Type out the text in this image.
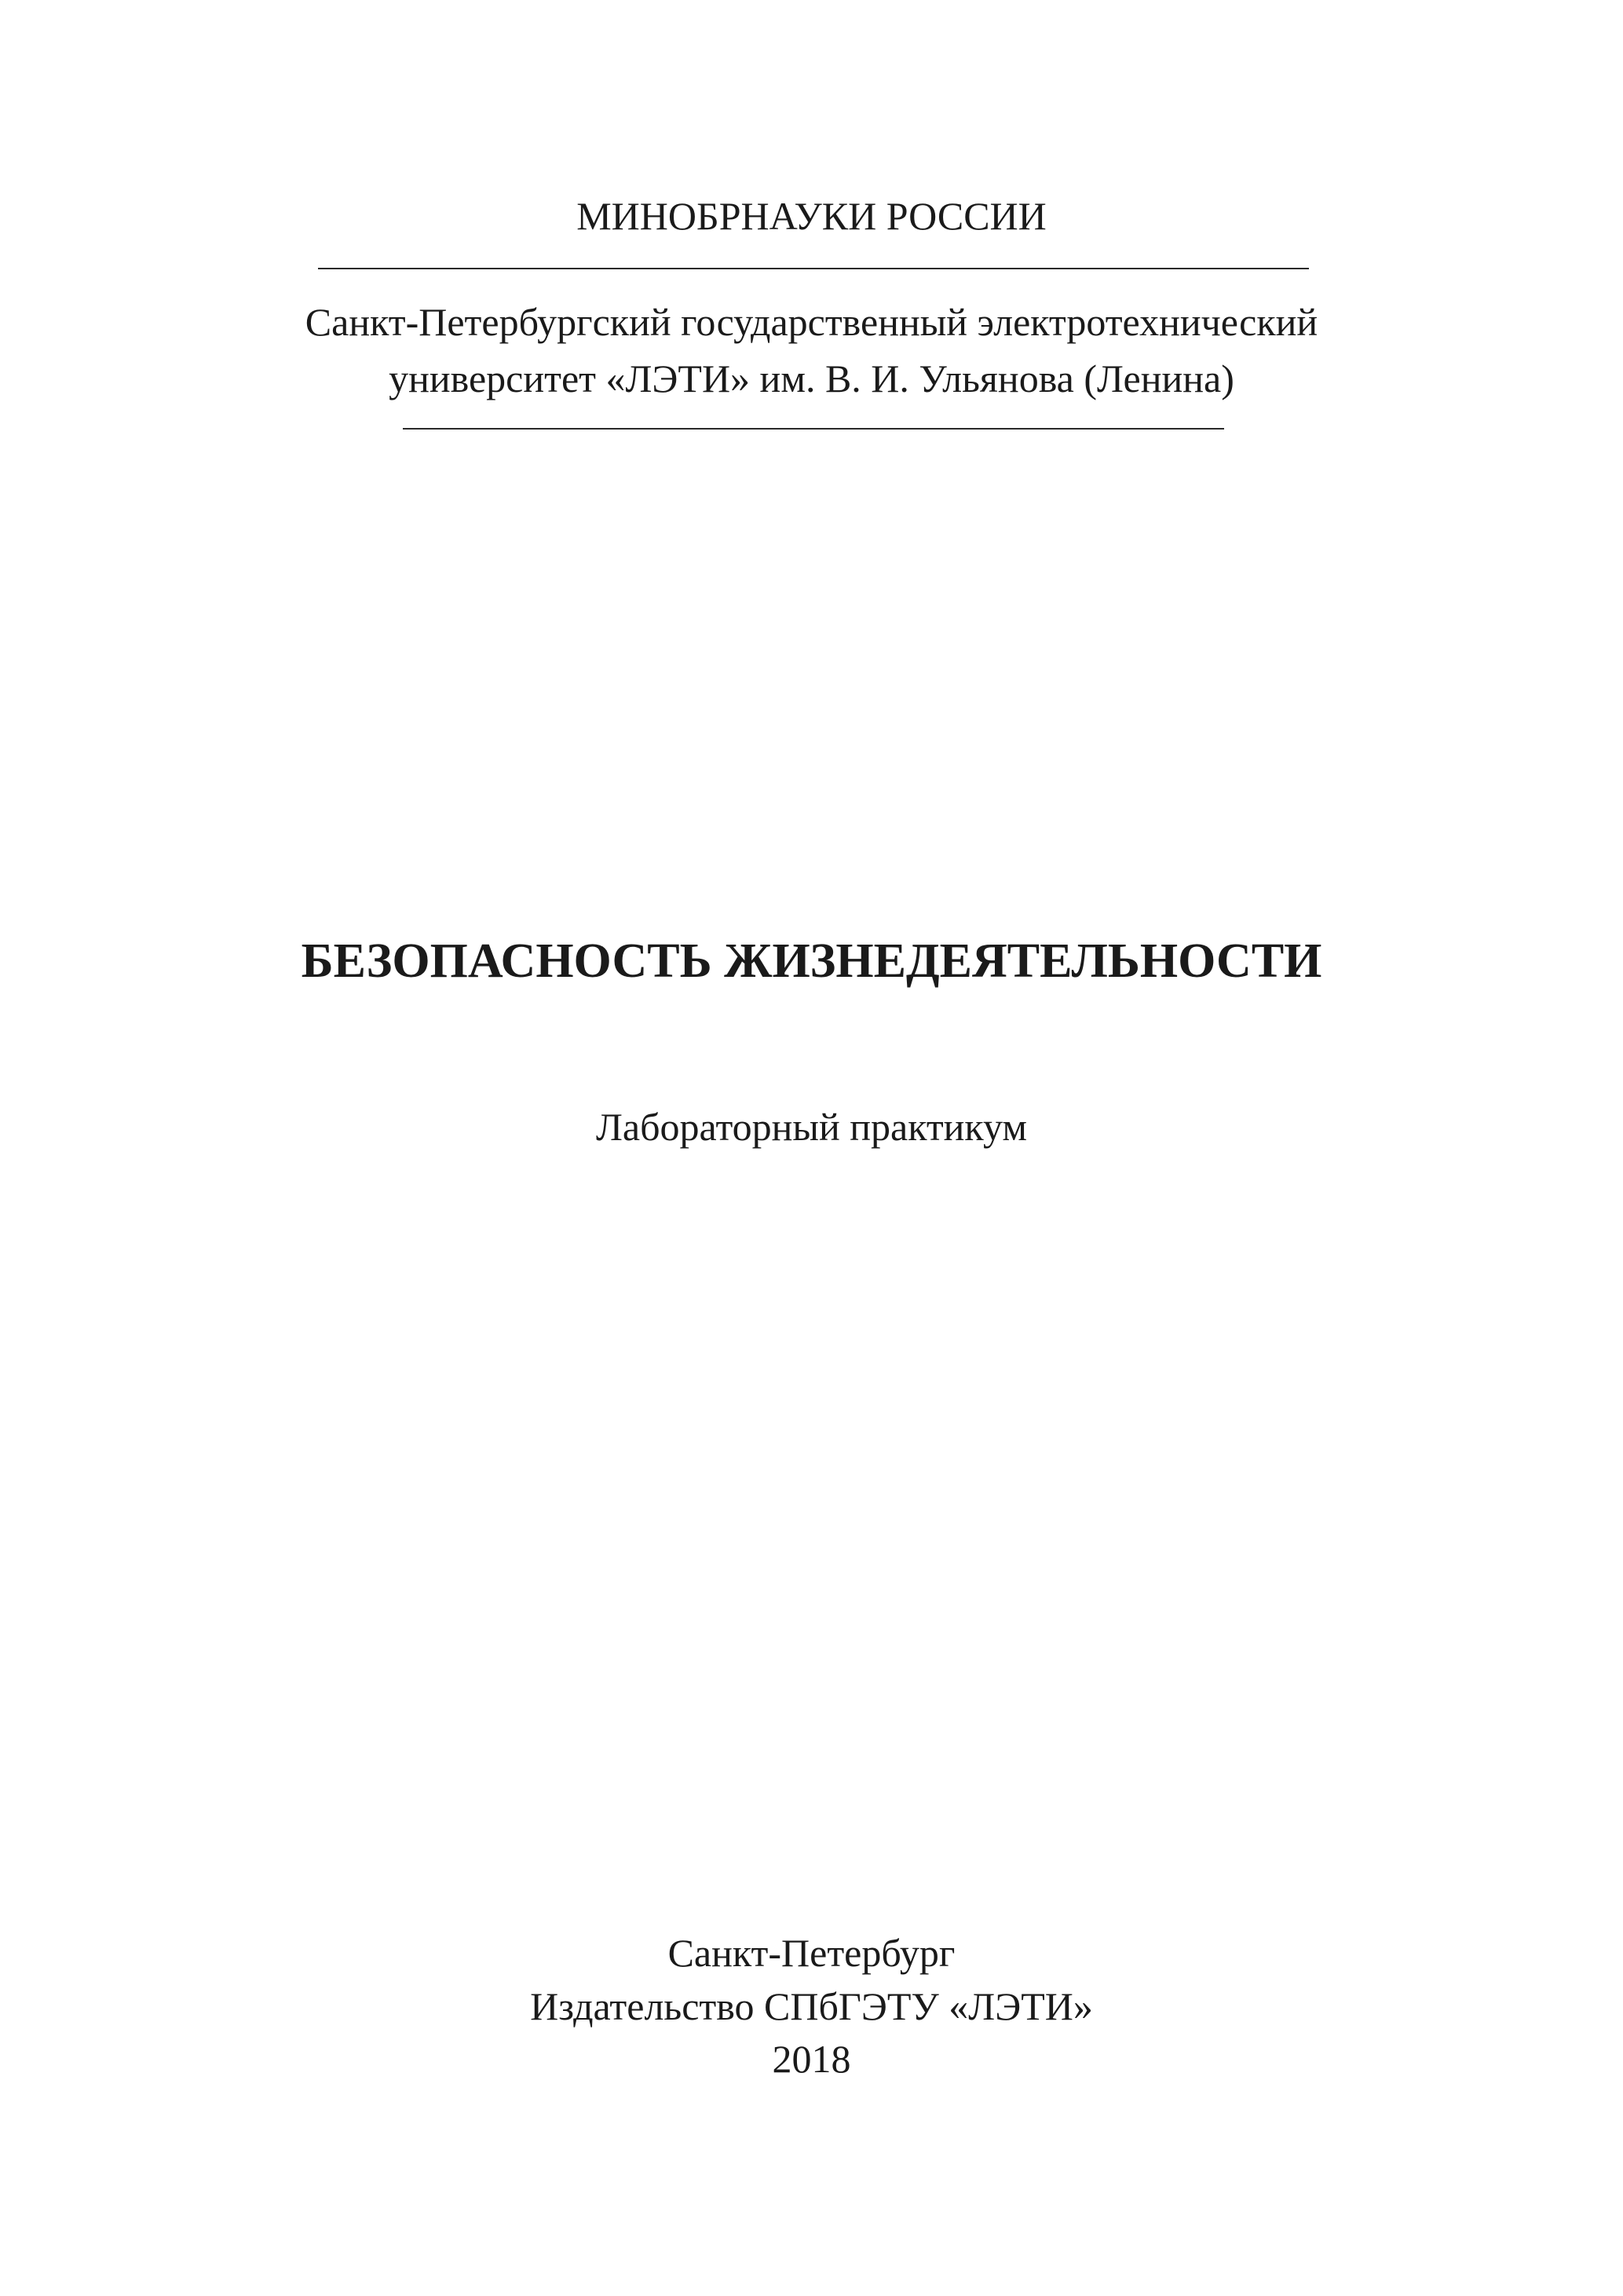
МИНОБРНАУКИ РОССИИ
Санкт-Петербургский государственный электротехнический
университет «ЛЭТИ» им. В. И. Ульянова (Ленина)
БЕЗОПАСНОСТЬ ЖИЗНЕДЕЯТЕЛЬНОСТИ
Лабораторный практикум
Санкт-Петербург
Издательство СПбГЭТУ «ЛЭТИ»
2018
